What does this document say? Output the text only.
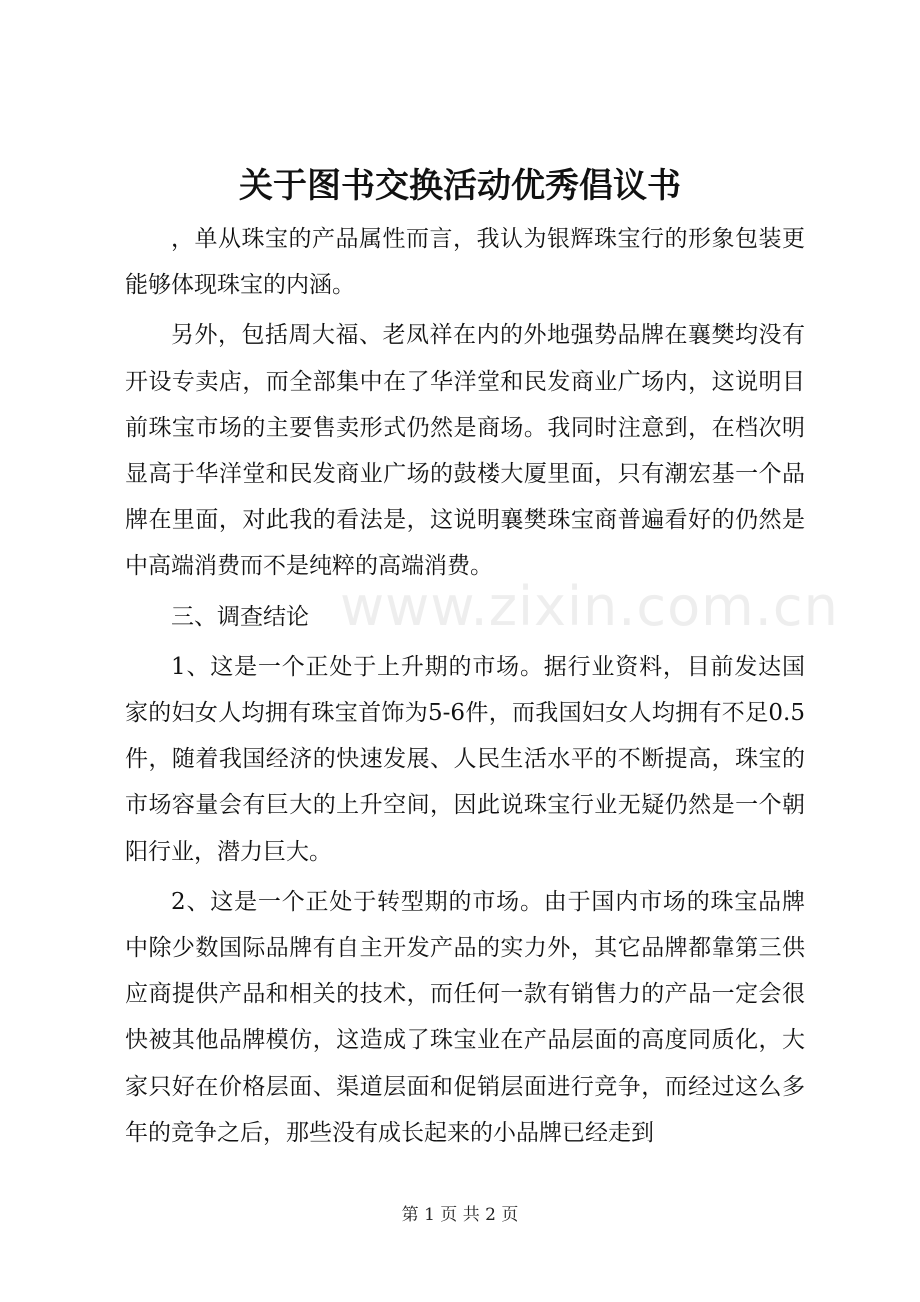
关于图书交换活动优秀倡议书
www.zixin.com.cn

，单从珠宝的产品属性而言，我认为银辉珠宝行的形象包装更能够体现珠宝的内涵。

另外，包括周大福、老凤祥在内的外地强势品牌在襄樊均没有开设专卖店，而全部集中在了华洋堂和民发商业广场内，这说明目前珠宝市场的主要售卖形式仍然是商场。我同时注意到，在档次明显高于华洋堂和民发商业广场的鼓楼大厦里面，只有潮宏基一个品牌在里面，对此我的看法是，这说明襄樊珠宝商普遍看好的仍然是中高端消费而不是纯粹的高端消费。

三、调查结论

1、这是一个正处于上升期的市场。据行业资料，目前发达国家的妇女人均拥有珠宝首饰为5-6件，而我国妇女人均拥有不足0.5件，随着我国经济的快速发展、人民生活水平的不断提高，珠宝的市场容量会有巨大的上升空间，因此说珠宝行业无疑仍然是一个朝阳行业，潜力巨大。

2、这是一个正处于转型期的市场。由于国内市场的珠宝品牌中除少数国际品牌有自主开发产品的实力外，其它品牌都靠第三供应商提供产品和相关的技术，而任何一款有销售力的产品一定会很快被其他品牌模仿，这造成了珠宝业在产品层面的高度同质化，大家只好在价格层面、渠道层面和促销层面进行竞争，而经过这么多年的竞争之后，那些没有成长起来的小品牌已经走到

第 1 页 共 2 页
